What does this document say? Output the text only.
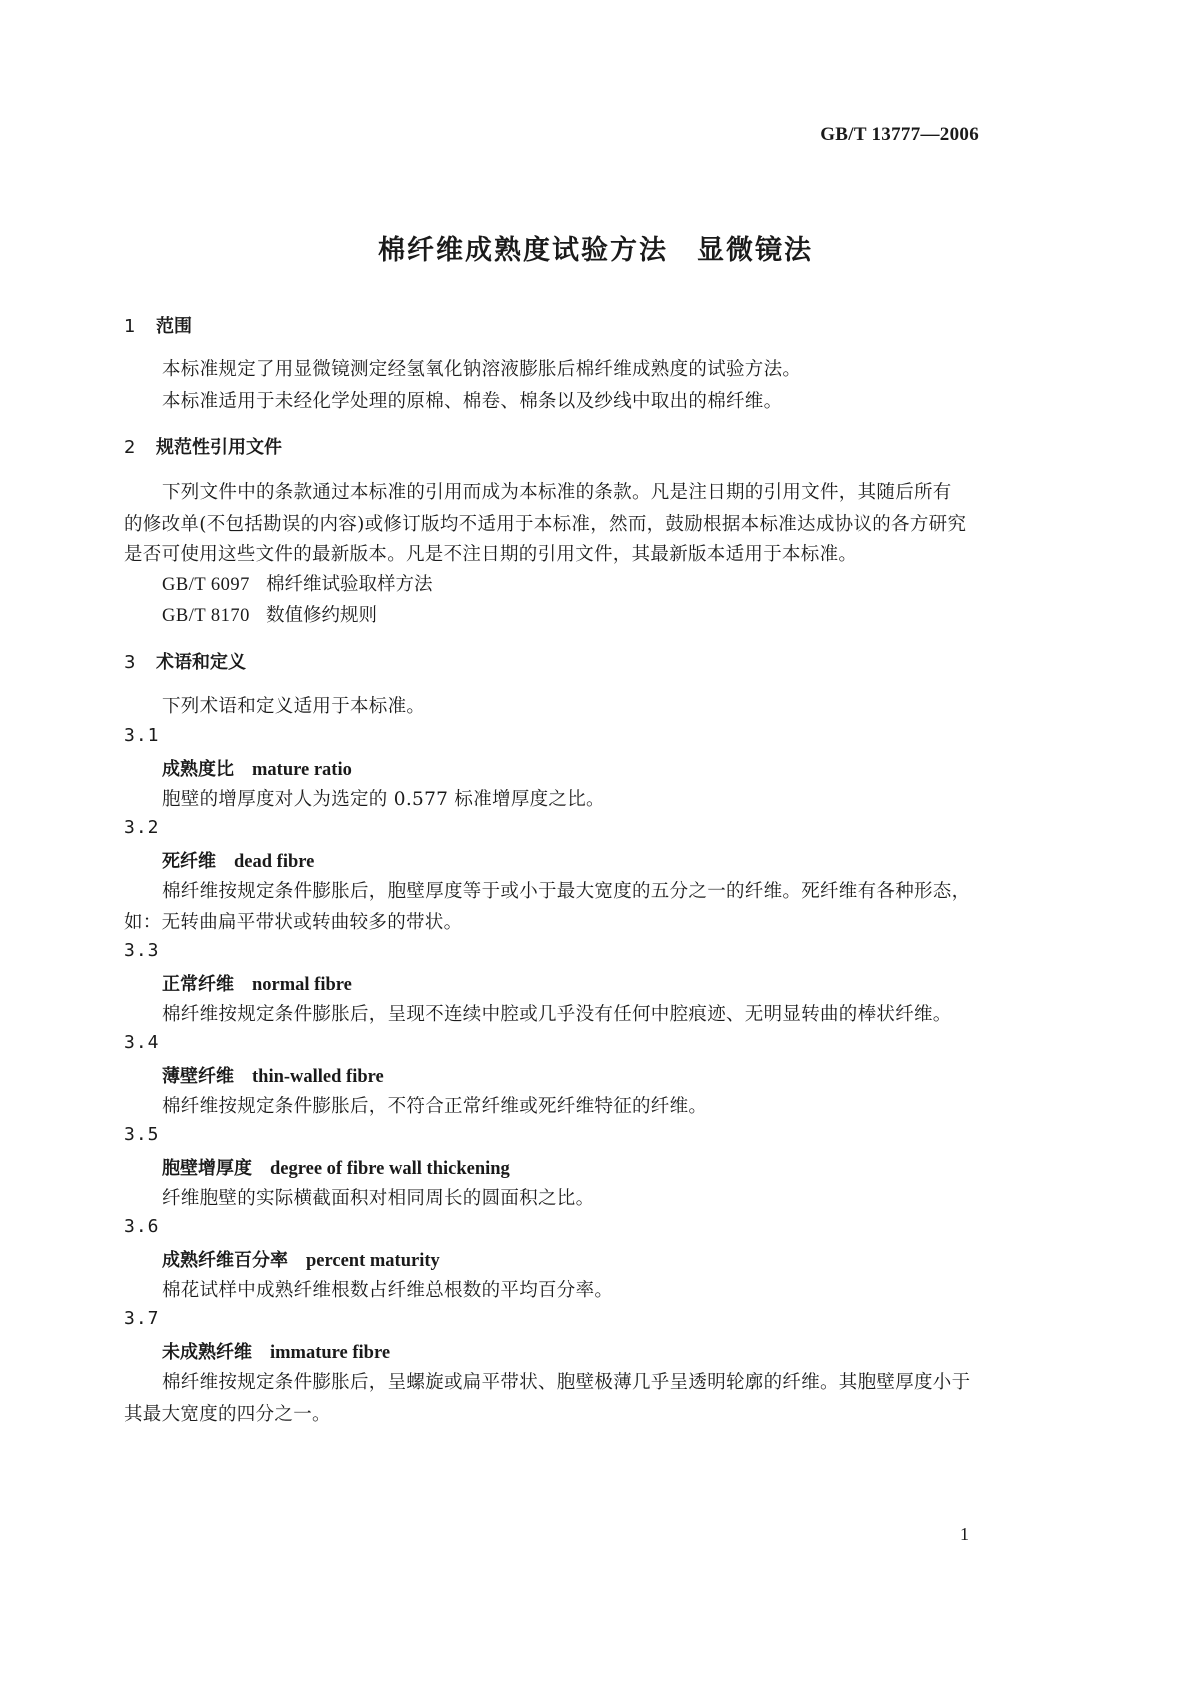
GB/T 13777—2006
棉纤维成熟度试验方法　显微镜法
1 范围
本标准规定了用显微镜测定经氢氧化钠溶液膨胀后棉纤维成熟度的试验方法。
本标准适用于未经化学处理的原棉、棉卷、棉条以及纱线中取出的棉纤维。
2 规范性引用文件
下列文件中的条款通过本标准的引用而成为本标准的条款。凡是注日期的引用文件，其随后所有
的修改单(不包括勘误的内容)或修订版均不适用于本标准，然而，鼓励根据本标准达成协议的各方研究
是否可使用这些文件的最新版本。凡是不注日期的引用文件，其最新版本适用于本标准。
GB/T 6097 棉纤维试验取样方法
GB/T 8170 数值修约规则
3 术语和定义
下列术语和定义适用于本标准。
3.1
成熟度比 mature ratio
胞壁的增厚度对人为选定的 0.577 标准增厚度之比。
3.2
死纤维 dead fibre
棉纤维按规定条件膨胀后，胞壁厚度等于或小于最大宽度的五分之一的纤维。死纤维有各种形态，
如：无转曲扁平带状或转曲较多的带状。
3.3
正常纤维 normal fibre
棉纤维按规定条件膨胀后，呈现不连续中腔或几乎没有任何中腔痕迹、无明显转曲的棒状纤维。
3.4
薄壁纤维 thin-walled fibre
棉纤维按规定条件膨胀后，不符合正常纤维或死纤维特征的纤维。
3.5
胞壁增厚度 degree of fibre wall thickening
纤维胞壁的实际横截面积对相同周长的圆面积之比。
3.6
成熟纤维百分率 percent maturity
棉花试样中成熟纤维根数占纤维总根数的平均百分率。
3.7
未成熟纤维 immature fibre
棉纤维按规定条件膨胀后，呈螺旋或扁平带状、胞壁极薄几乎呈透明轮廓的纤维。其胞壁厚度小于
其最大宽度的四分之一。
1
